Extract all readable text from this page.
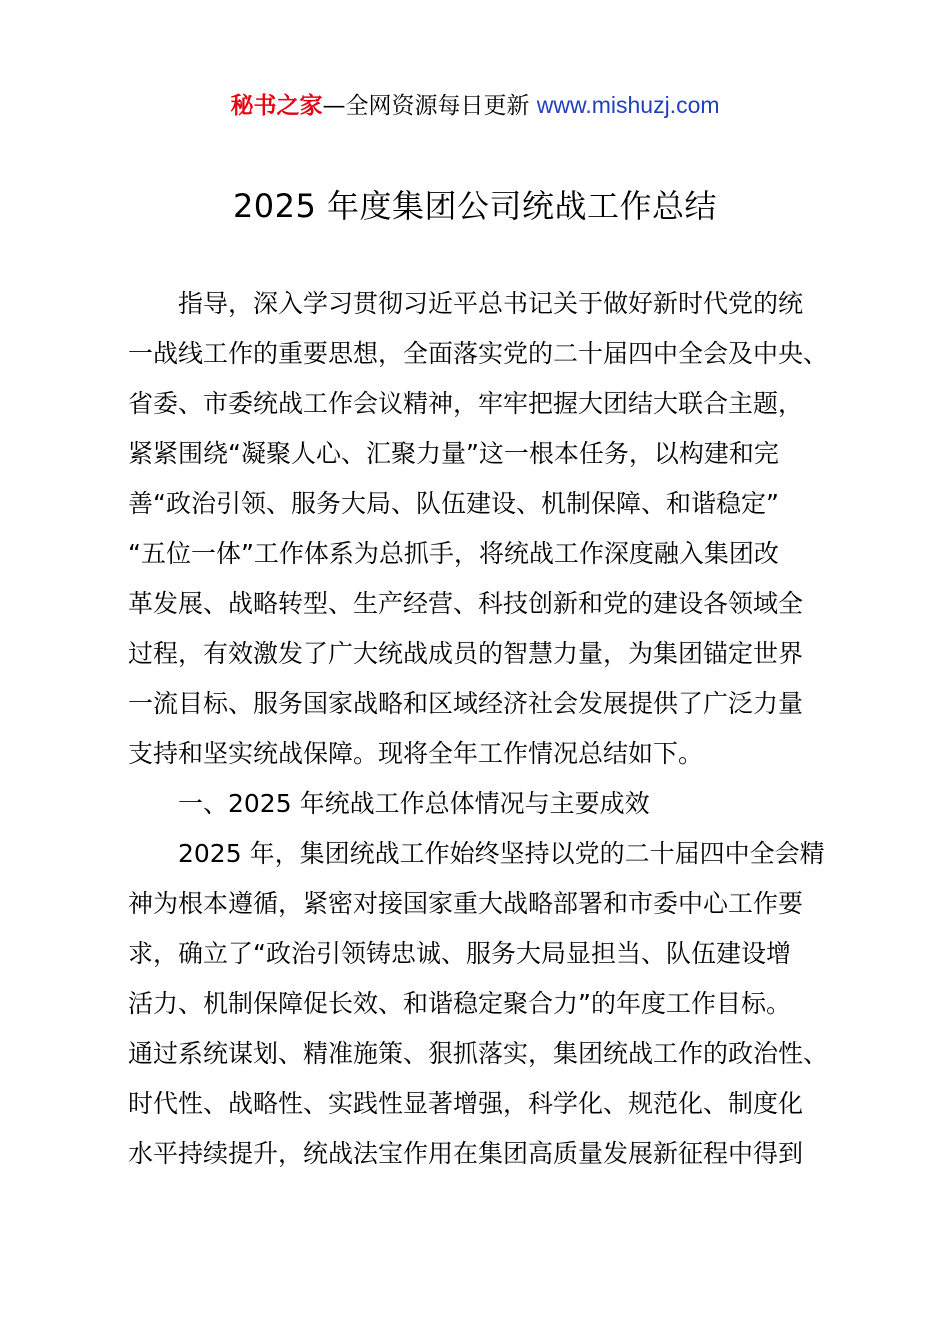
秘书之家—全网资源每日更新 www.mishuzj.com
2025 年度集团公司统战工作总结
指导，深入学习贯彻习近平总书记关于做好新时代党的统
一战线工作的重要思想，全面落实党的二十届四中全会及中央、
省委、市委统战工作会议精神，牢牢把握大团结大联合主题，
紧紧围绕“凝聚人心、汇聚力量”这一根本任务，以构建和完
善“政治引领、服务大局、队伍建设、机制保障、和谐稳定”
“五位一体”工作体系为总抓手，将统战工作深度融入集团改
革发展、战略转型、生产经营、科技创新和党的建设各领域全
过程，有效激发了广大统战成员的智慧力量，为集团锚定世界
一流目标、服务国家战略和区域经济社会发展提供了广泛力量
支持和坚实统战保障。现将全年工作情况总结如下。
一、2025 年统战工作总体情况与主要成效
2025 年，集团统战工作始终坚持以党的二十届四中全会精
神为根本遵循，紧密对接国家重大战略部署和市委中心工作要
求，确立了“政治引领铸忠诚、服务大局显担当、队伍建设增
活力、机制保障促长效、和谐稳定聚合力”的年度工作目标。
通过系统谋划、精准施策、狠抓落实，集团统战工作的政治性、
时代性、战略性、实践性显著增强，科学化、规范化、制度化
水平持续提升，统战法宝作用在集团高质量发展新征程中得到
